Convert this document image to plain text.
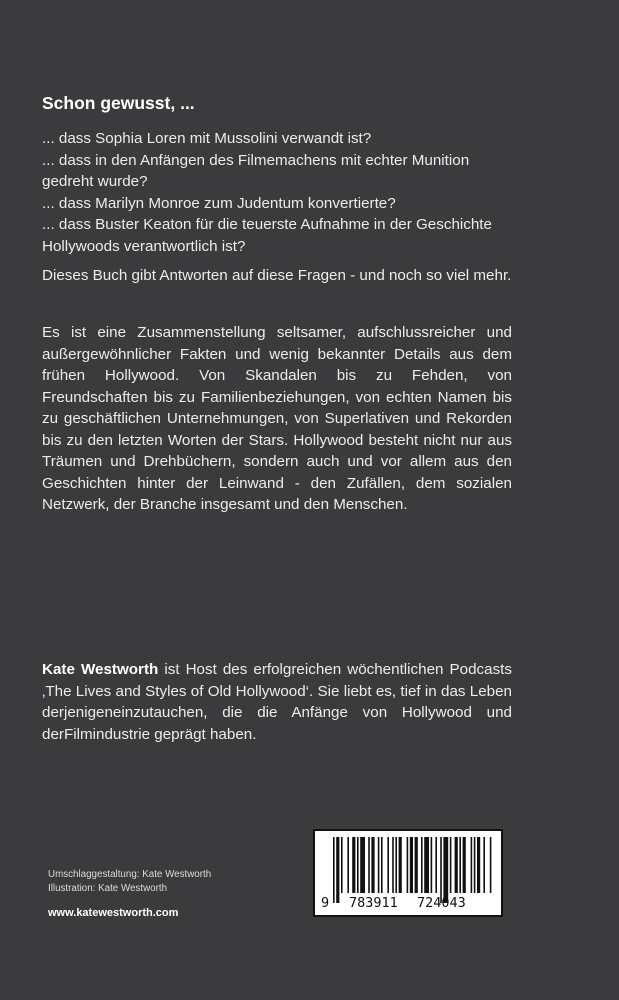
Schon gewusst, ...
... dass Sophia Loren mit Mussolini verwandt ist?
... dass in den Anfängen des Filmemachens mit echter Munition gedreht wurde?
... dass Marilyn Monroe zum Judentum konvertierte?
... dass Buster Keaton für die teuerste Aufnahme in der Geschichte Hollywoods verantwortlich ist?

Dieses Buch gibt Antworten auf diese Fragen - und noch so viel mehr.

Es ist eine Zusammenstellung seltsamer, aufschlussreicher und außergewöhnlicher Fakten und wenig bekannter Details aus dem frühen Hollywood. Von Skandalen bis zu Fehden, von Freundschaften bis zu Familienbeziehungen, von echten Namen bis zu geschäftlichen Unternehmungen, von Superlativen und Rekorden bis zu den letzten Worten der Stars. Hollywood besteht nicht nur aus Träumen und Drehbüchern, sondern auch und vor allem aus den Geschichten hinter der Leinwand - den Zufällen, dem sozialen Netzwerk, der Branche insgesamt und den Menschen.

Kate Westworth ist Host des erfolgreichen wöchentlichen Podcasts ‚The Lives and Styles of Old Hollywood‘. Sie liebt es, tief in das Leben derjenigeneinzutauchen, die die Anfänge von Hollywood und derFilmindustrie geprägt haben.

Umschlaggestaltung: Kate Westworth
Illustration: Kate Westworth
www.katewestworth.com
9 783911 724043
